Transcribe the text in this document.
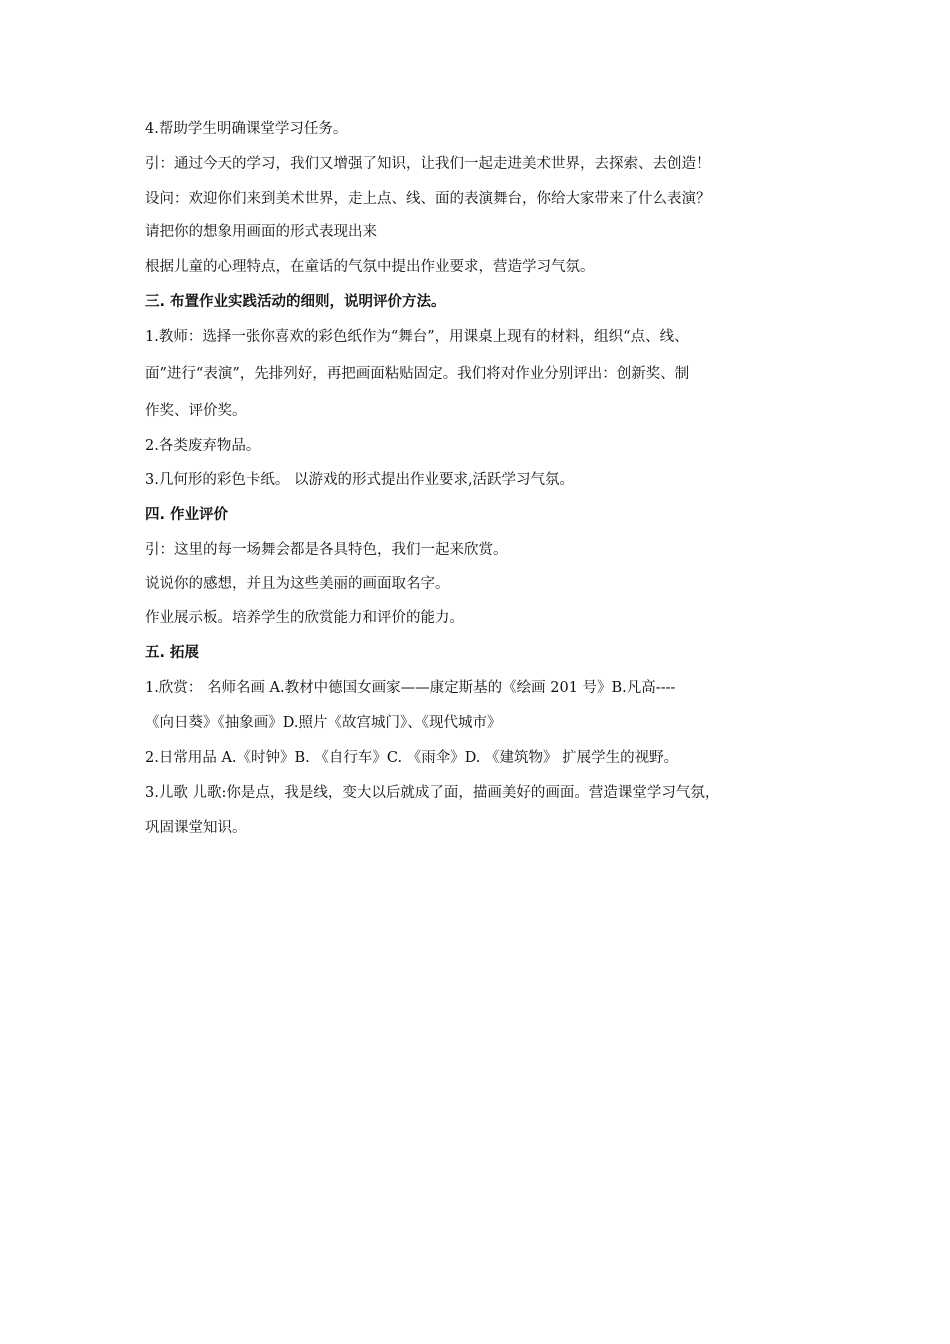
4.帮助学生明确课堂学习任务。
引：通过今天的学习，我们又增强了知识，让我们一起走进美术世界，去探索、去创造！
设问：欢迎你们来到美术世界，走上点、线、面的表演舞台，你给大家带来了什么表演？
请把你的想象用画面的形式表现出来
根据儿童的心理特点，在童话的气氛中提出作业要求，营造学习气氛。
三. 布置作业实践活动的细则，说明评价方法。
1.教师：选择一张你喜欢的彩色纸作为“舞台”，用课桌上现有的材料，组织“点、线、
面”进行“表演”，先排列好，再把画面粘贴固定。我们将对作业分别评出：创新奖、制
作奖、评价奖。
2.各类废弃物品。
3.几何形的彩色卡纸。 以游戏的形式提出作业要求,活跃学习气氛。
四. 作业评价
引：这里的每一场舞会都是各具特色，我们一起来欣赏。
说说你的感想，并且为这些美丽的画面取名字。
作业展示板。培养学生的欣赏能力和评价的能力。
五. 拓展
1.欣赏： 名师名画 A.教材中德国女画家——康定斯基的《绘画 201 号》B.凡高----
《向日葵》《抽象画》D.照片《故宫城门》、《现代城市》
2.日常用品 A.《时钟》B. 《自行车》C. 《雨伞》D. 《建筑物》 扩展学生的视野。
3.儿歌 儿歌:你是点，我是线，变大以后就成了面，描画美好的画面。营造课堂学习气氛，
巩固课堂知识。
